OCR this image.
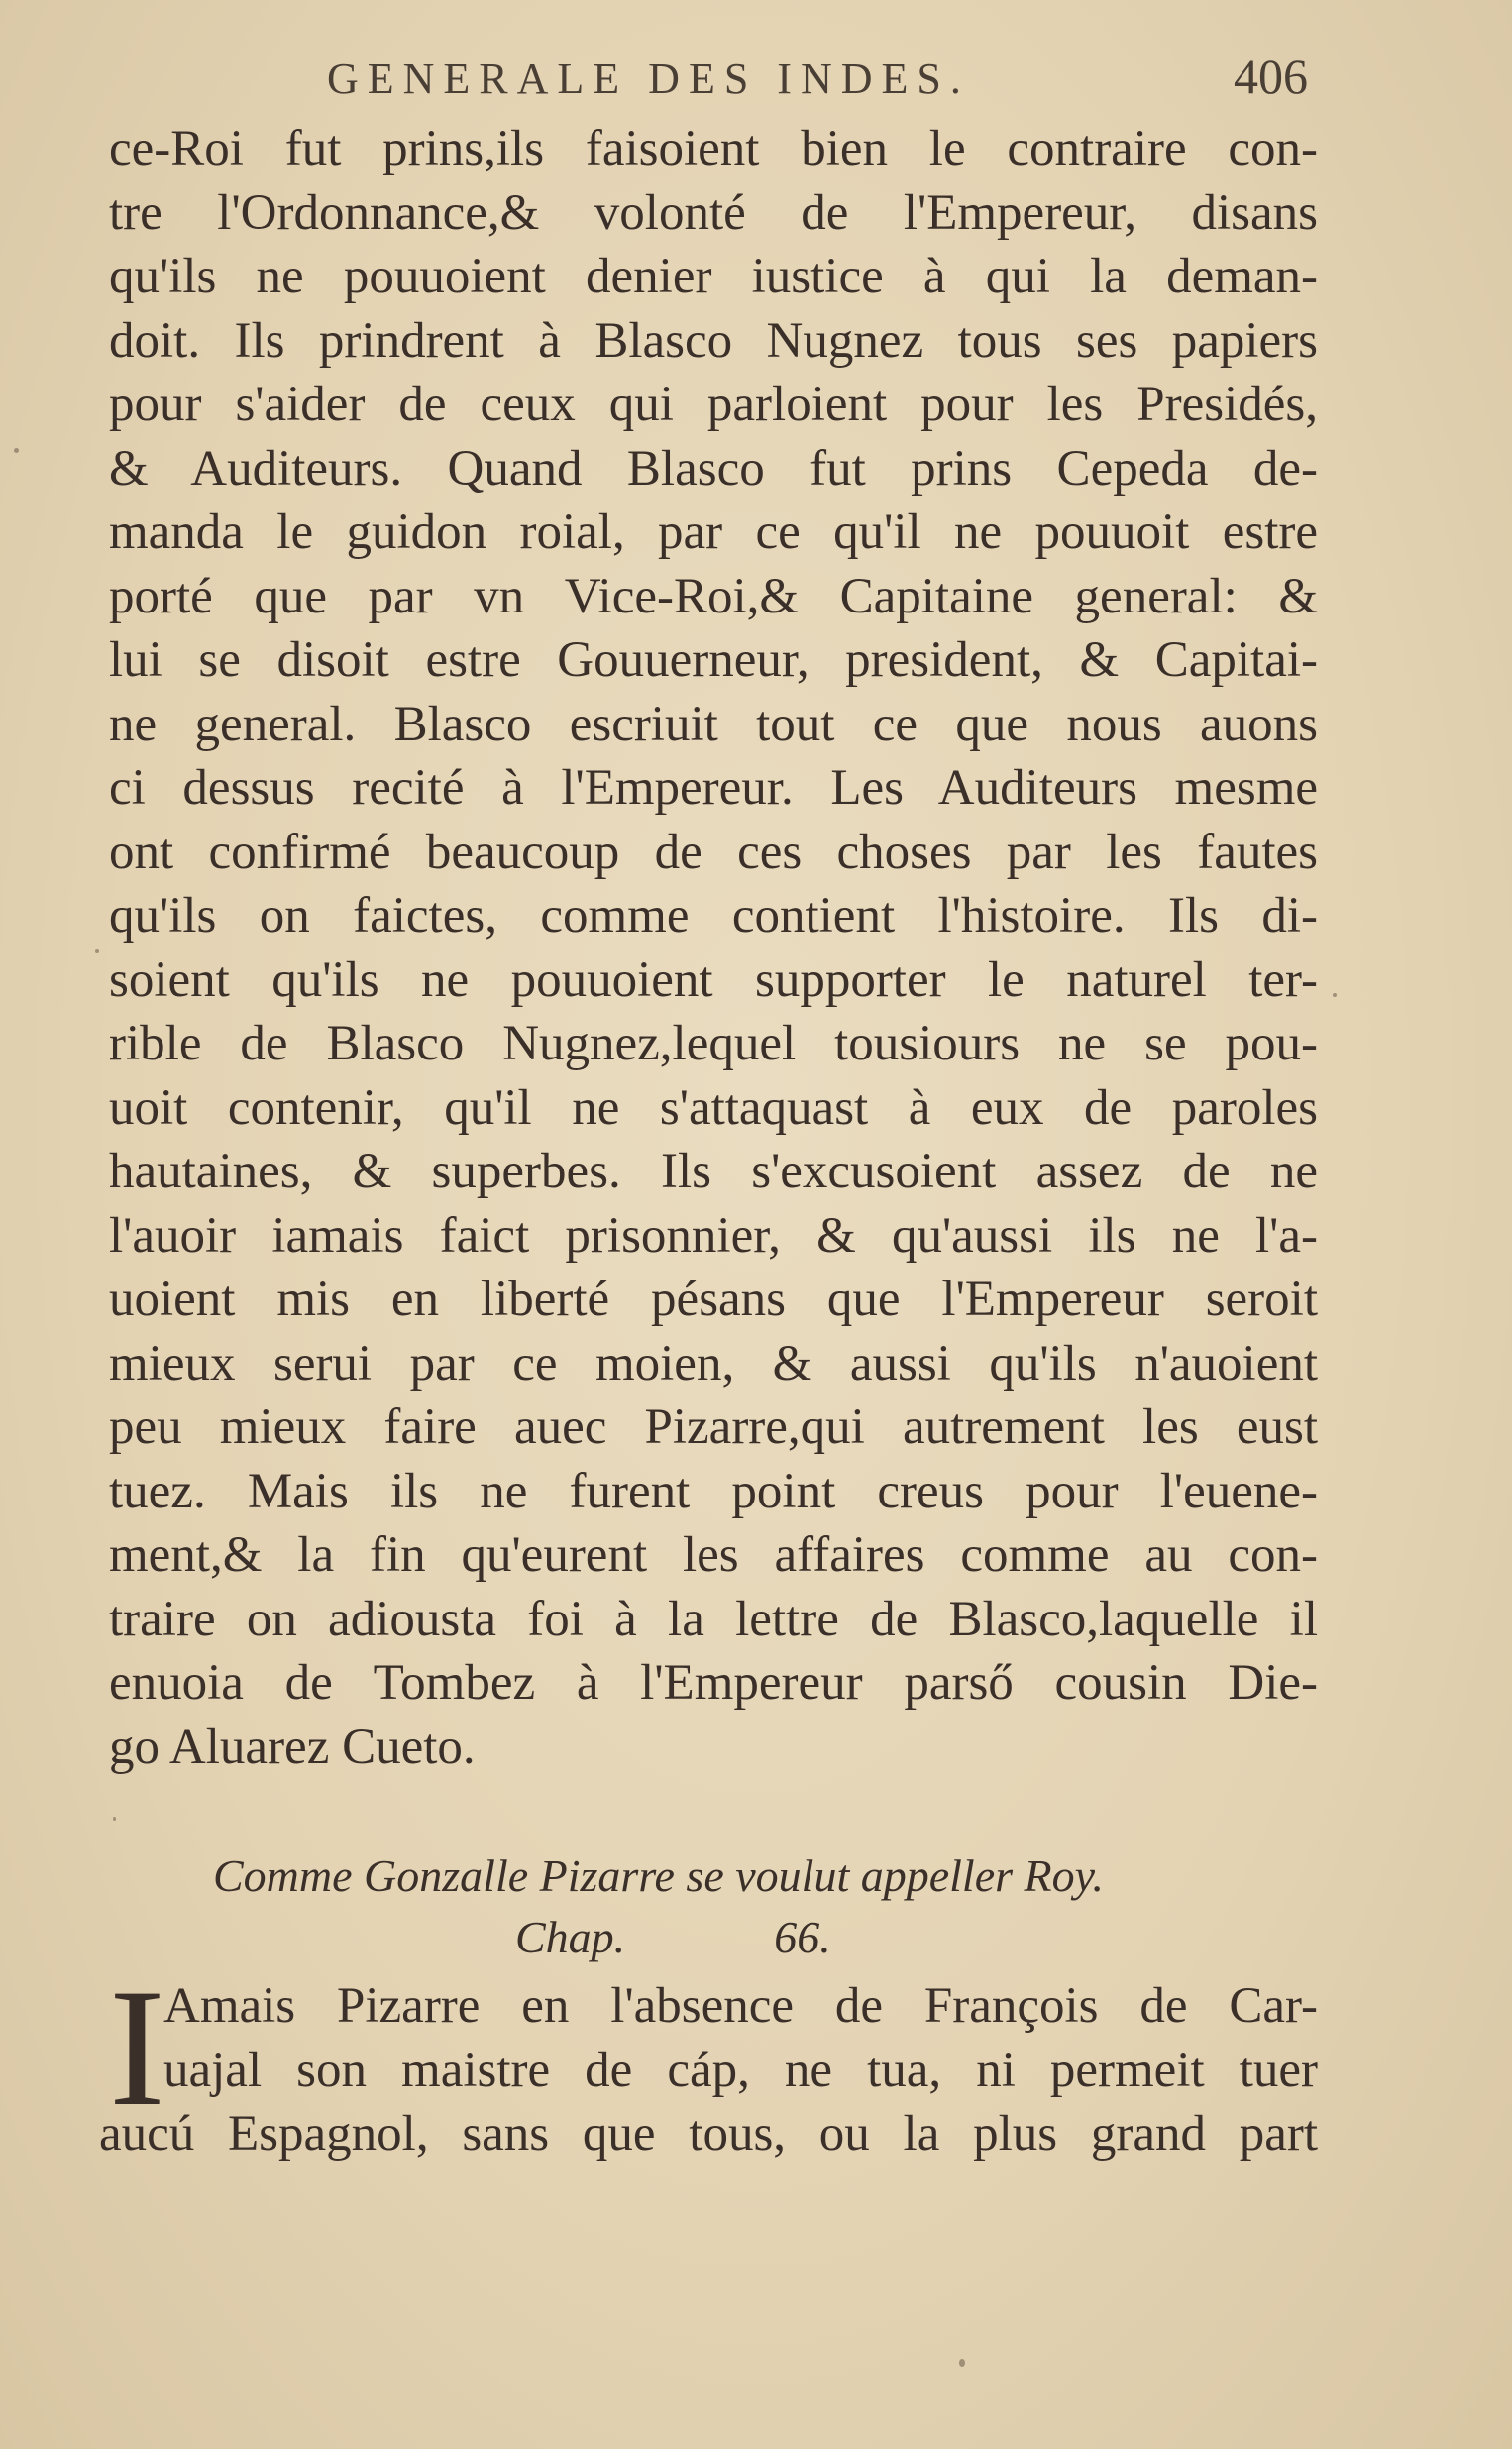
GENERALE DES INDES.	406
ce-Roi fut prins,ils faisoient bien le contraire con-
tre l'Ordonnance,& volonté de l'Empereur, disans
qu'ils ne pouuoient denier iustice à qui la deman-
doit. Ils prindrent à Blasco Nugnez tous ses papiers
pour s'aider de ceux qui parloient pour les Presidés,
& Auditeurs. Quand Blasco fut prins Cepeda de-
manda le guidon roial, par ce qu'il ne pouuoit estre
porté que par vn Vice-Roi,& Capitaine general: &
lui se disoit estre Gouuerneur, president, & Capitai-
ne general. Blasco escriuit tout ce que nous auons
ci dessus recité à l'Empereur. Les Auditeurs mesme
ont confirmé beaucoup de ces choses par les fautes
qu'ils on faictes, comme contient l'histoire. Ils di-
soient qu'ils ne pouuoient supporter le naturel ter-
rible de Blasco Nugnez,lequel tousiours ne se pou-
uoit contenir, qu'il ne s'attaquast à eux de paroles
hautaines, & superbes. Ils s'excusoient assez de ne
l'auoir iamais faict prisonnier, & qu'aussi ils ne l'a-
uoient mis en liberté pésans que l'Empereur seroit
mieux serui par ce moien, & aussi qu'ils n'auoient
peu mieux faire auec Pizarre,qui autrement les eust
tuez. Mais ils ne furent point creus pour l'euene-
ment,& la fin qu'eurent les affaires comme au con-
traire on adiousta foi à la lettre de Blasco,laquelle il
enuoia de Tombez à l'Empereur parső cousin Die-
go Aluarez Cueto.
Comme Gonzalle Pizarre se voulut appeller Roy.
Chap.	66.
I
Amais Pizarre en l'absence de François de Car-
uajal son maistre de cáp, ne tua, ni permeit tuer
aucú Espagnol, sans que tous, ou la plus grand part
